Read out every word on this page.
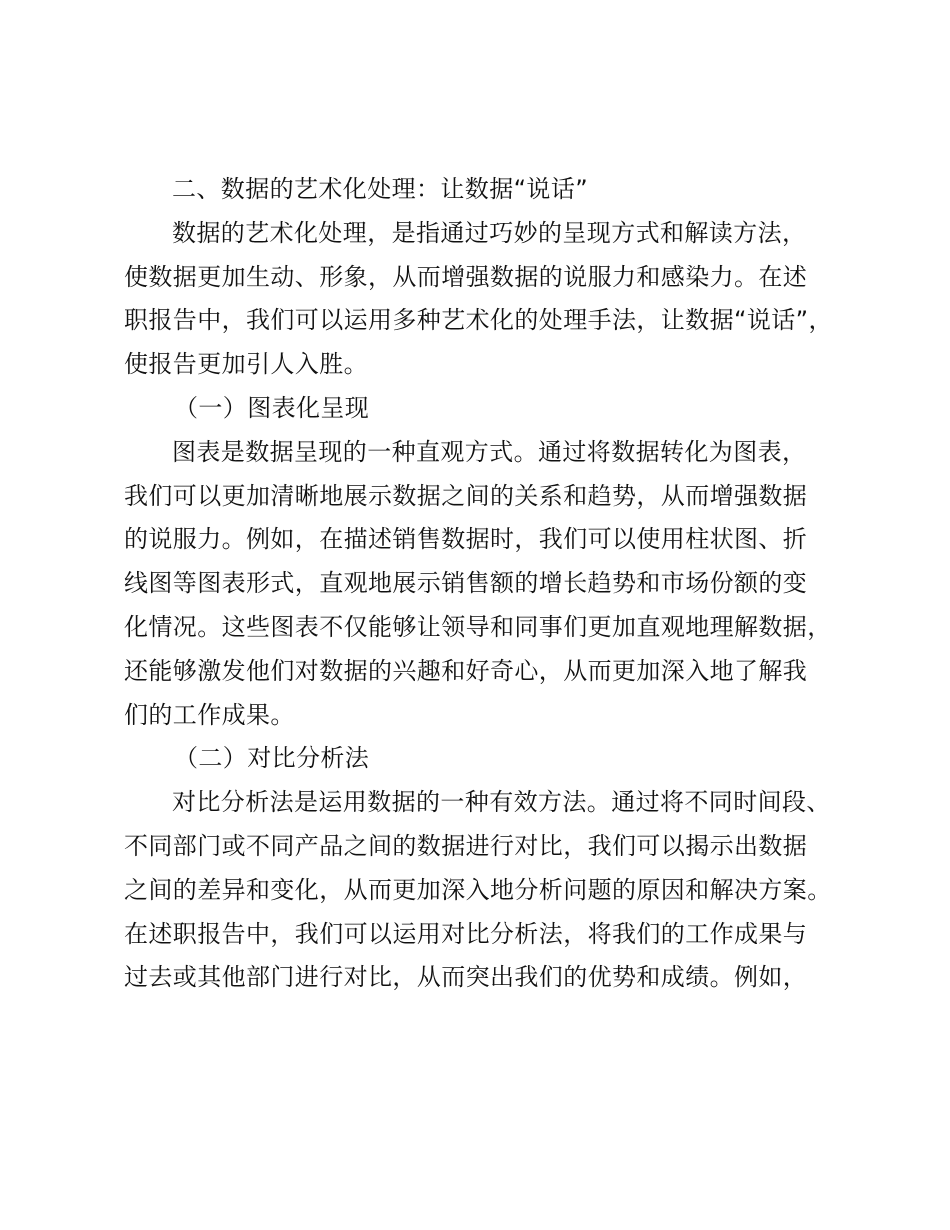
二、数据的艺术化处理：让数据“说话”
数据的艺术化处理，是指通过巧妙的呈现方式和解读方法，
使数据更加生动、形象，从而增强数据的说服力和感染力。在述
职报告中，我们可以运用多种艺术化的处理手法，让数据“说话”，
使报告更加引人入胜。
（一）图表化呈现
图表是数据呈现的一种直观方式。通过将数据转化为图表，
我们可以更加清晰地展示数据之间的关系和趋势，从而增强数据
的说服力。例如，在描述销售数据时，我们可以使用柱状图、折
线图等图表形式，直观地展示销售额的增长趋势和市场份额的变
化情况。这些图表不仅能够让领导和同事们更加直观地理解数据，
还能够激发他们对数据的兴趣和好奇心，从而更加深入地了解我
们的工作成果。
（二）对比分析法
对比分析法是运用数据的一种有效方法。通过将不同时间段、
不同部门或不同产品之间的数据进行对比，我们可以揭示出数据
之间的差异和变化，从而更加深入地分析问题的原因和解决方案。
在述职报告中，我们可以运用对比分析法，将我们的工作成果与
过去或其他部门进行对比，从而突出我们的优势和成绩。例如，
